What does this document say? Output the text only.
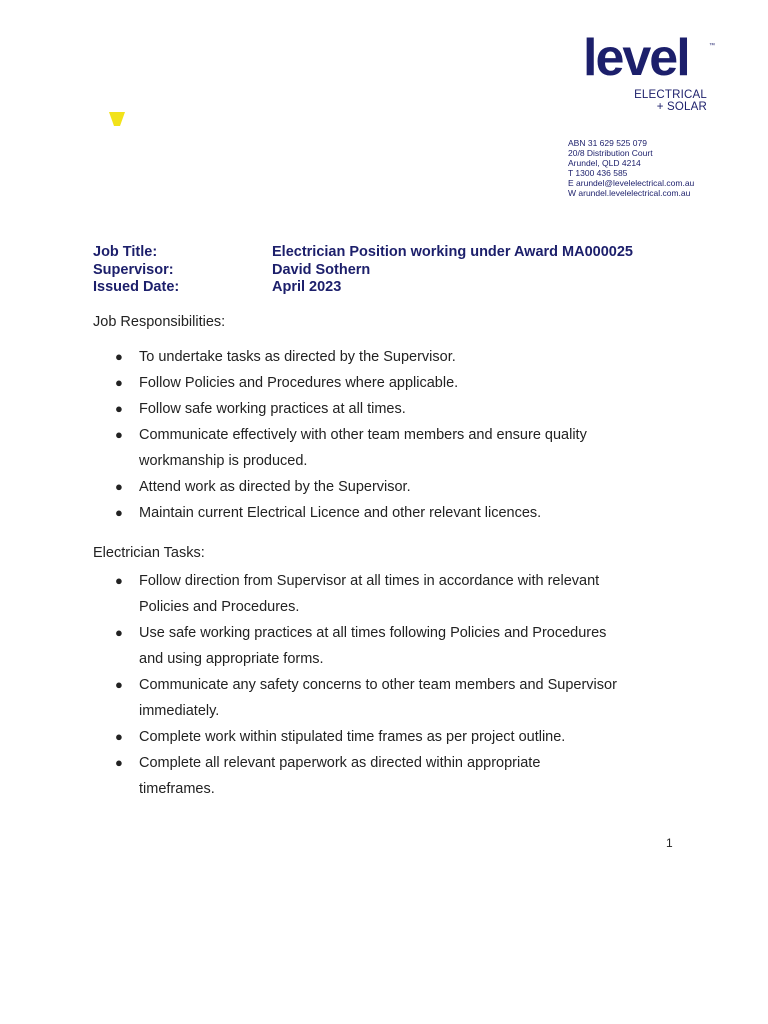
level	™
ELECTRICAL
+ SOLAR
ABN 31 629 525 079
20/8 Distribution Court
Arundel, QLD 4214
T 1300 436 585
E arundel@levelelectrical.com.au
W arundel.levelelectrical.com.au
Job Title:	Electrician Position working under Award MA000025
Supervisor:	David Sothern
Issued Date:	April 2023
Job Responsibilities:
● To undertake tasks as directed by the Supervisor.
● Follow Policies and Procedures where applicable.
● Follow safe working practices at all times.
● Communicate effectively with other team members and ensure quality
workmanship is produced.
● Attend work as directed by the Supervisor.
● Maintain current Electrical Licence and other relevant licences.
Electrician Tasks:
● Follow direction from Supervisor at all times in accordance with relevant
Policies and Procedures.
● Use safe working practices at all times following Policies and Procedures
and using appropriate forms.
● Communicate any safety concerns to other team members and Supervisor
immediately.
● Complete work within stipulated time frames as per project outline.
● Complete all relevant paperwork as directed within appropriate
timeframes.
1
